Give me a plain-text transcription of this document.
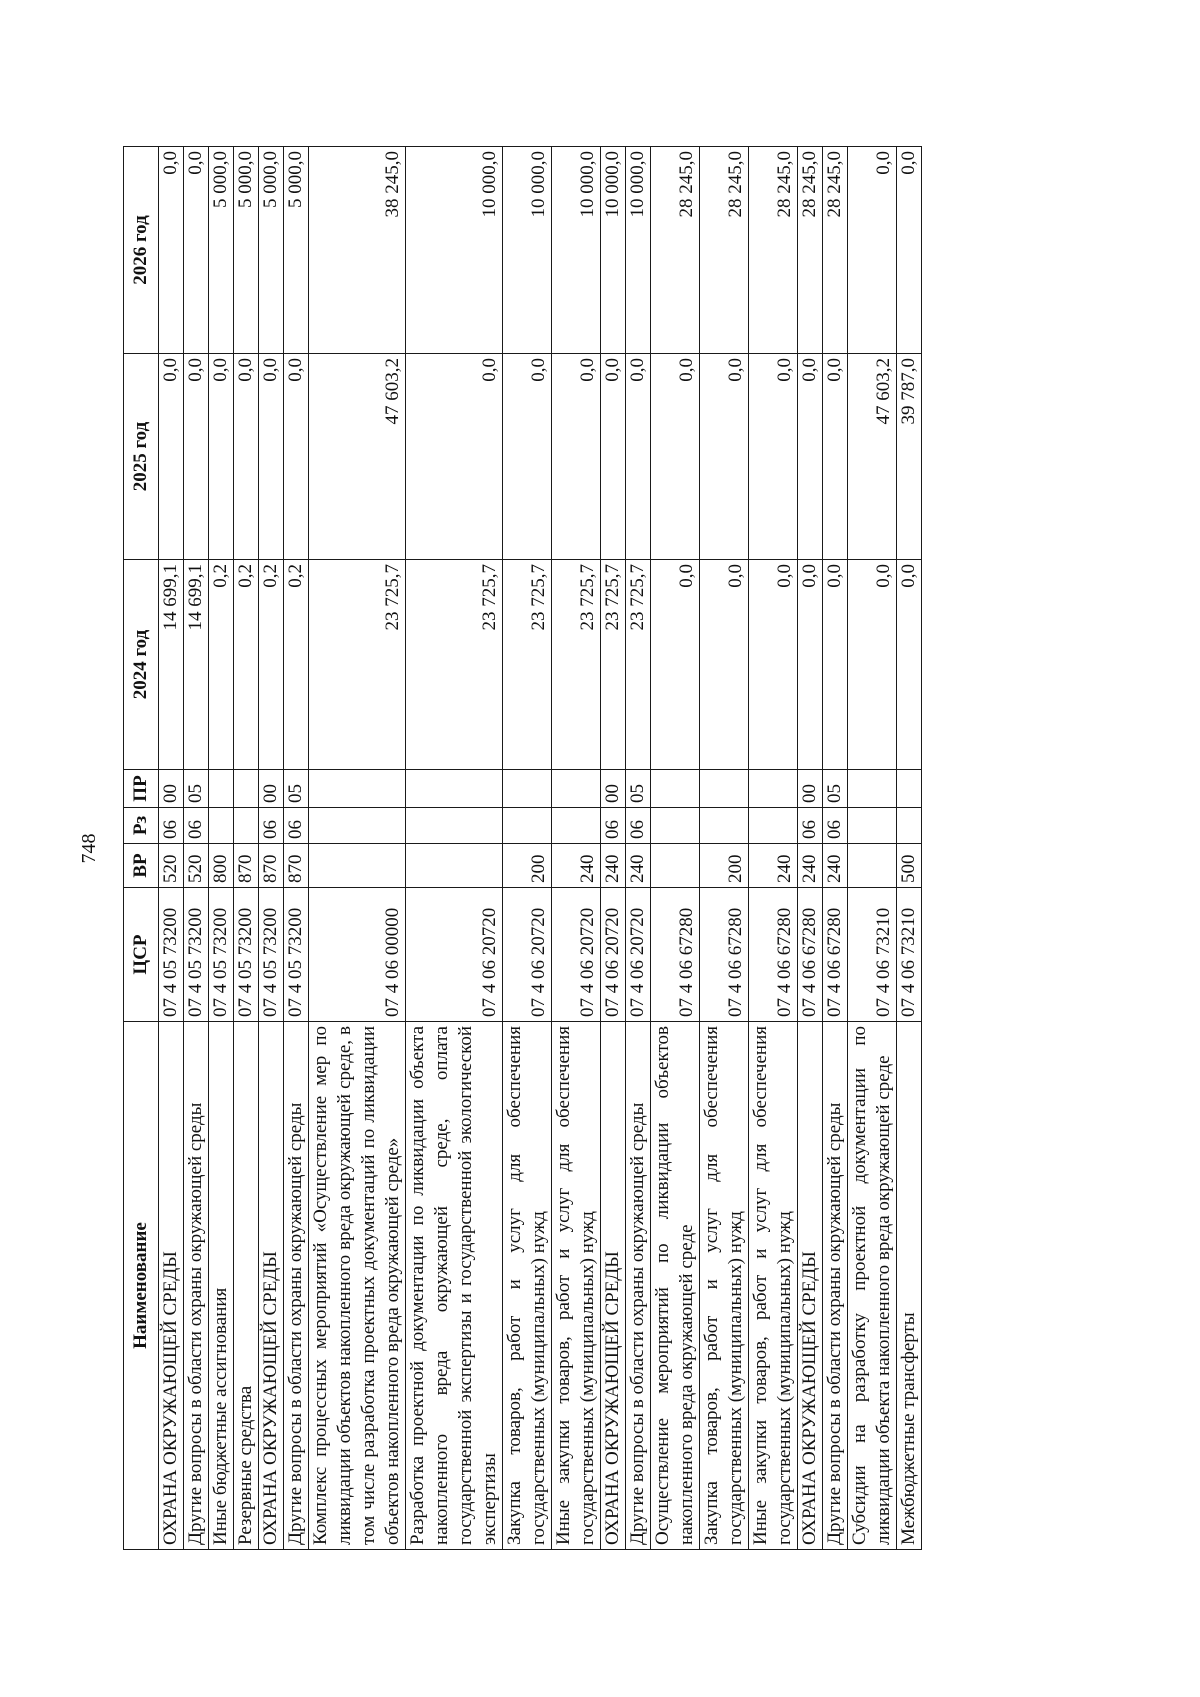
748
Наименование	ЦСР	ВР	Рз	ПР	2024 год	2025 год	2026 год
ОХРАНА ОКРУЖАЮЩЕЙ СРЕДЫ	07 4 05 73200	520	06	00	14 699,1	0,0	0,0
Другие вопросы в области охраны окружающей среды	07 4 05 73200	520	06	05	14 699,1	0,0	0,0
Иные бюджетные ассигнования	07 4 05 73200	800			0,2	0,0	5 000,0
Резервные средства	07 4 05 73200	870			0,2	0,0	5 000,0
ОХРАНА ОКРУЖАЮЩЕЙ СРЕДЫ	07 4 05 73200	870	06	00	0,2	0,0	5 000,0
Другие вопросы в области охраны окружающей среды	07 4 05 73200	870	06	05	0,2	0,0	5 000,0
Комплекс процессных мероприятий «Осуществление мер по ликвидации объектов накопленного вреда окружающей среде, в том числе разработка проектных документаций по ликвидации объектов накопленного вреда окружающей среде»	07 4 06 00000				23 725,7	47 603,2	38 245,0
Разработка проектной документации по ликвидации объекта накопленного вреда окружающей среде, оплата государственной экспертизы и государственной экологической экспертизы	07 4 06 20720				23 725,7	0,0	10 000,0
Закупка товаров, работ и услуг для обеспечения государственных (муниципальных) нужд	07 4 06 20720	200			23 725,7	0,0	10 000,0
Иные закупки товаров, работ и услуг для обеспечения государственных (муниципальных) нужд	07 4 06 20720	240			23 725,7	0,0	10 000,0
ОХРАНА ОКРУЖАЮЩЕЙ СРЕДЫ	07 4 06 20720	240	06	00	23 725,7	0,0	10 000,0
Другие вопросы в области охраны окружающей среды	07 4 06 20720	240	06	05	23 725,7	0,0	10 000,0
Осуществление мероприятий по ликвидации объектов накопленного вреда окружающей среде	07 4 06 67280				0,0	0,0	28 245,0
Закупка товаров, работ и услуг для обеспечения государственных (муниципальных) нужд	07 4 06 67280	200			0,0	0,0	28 245,0
Иные закупки товаров, работ и услуг для обеспечения государственных (муниципальных) нужд	07 4 06 67280	240			0,0	0,0	28 245,0
ОХРАНА ОКРУЖАЮЩЕЙ СРЕДЫ	07 4 06 67280	240	06	00	0,0	0,0	28 245,0
Другие вопросы в области охраны окружающей среды	07 4 06 67280	240	06	05	0,0	0,0	28 245,0
Субсидии на разработку проектной документации по ликвидации объекта накопленного вреда окружающей среде	07 4 06 73210				0,0	47 603,2	0,0
Межбюджетные трансферты	07 4 06 73210	500			0,0	39 787,0	0,0
